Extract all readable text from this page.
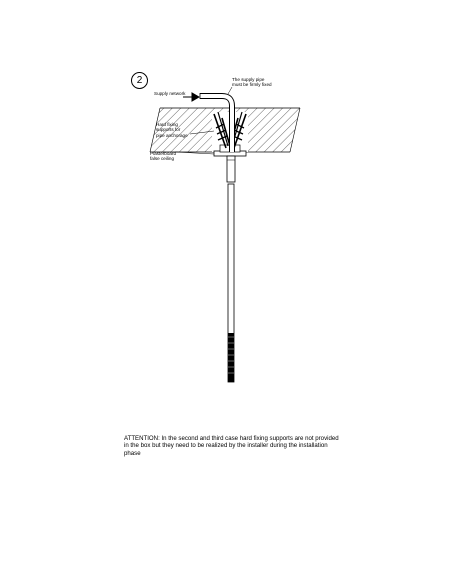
2
Supply network
The supply pipe
must be firmly fixed
Hard fixing
supports for
pipe anchorage
Plasterboard
false ceiling
ATTENTION: In the second and third case hard fixing supports are not provided in the box but they need to be realized by the installer during the installation phase
